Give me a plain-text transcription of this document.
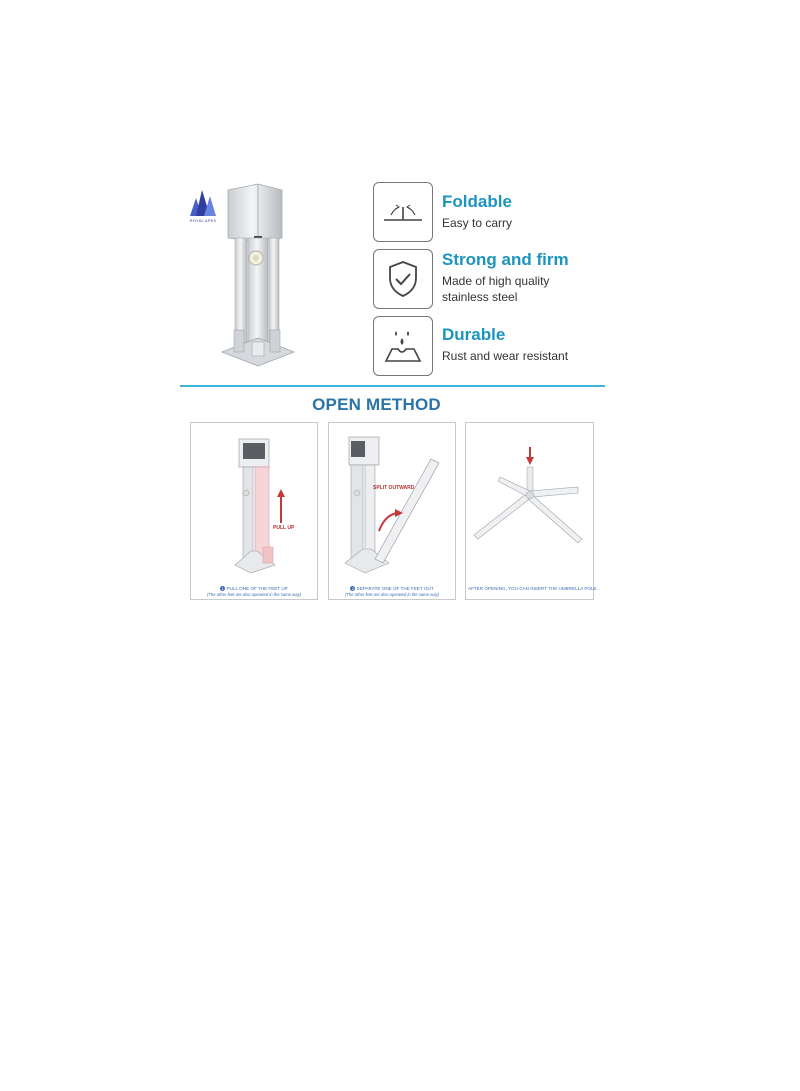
ROYAL APEX
Foldable
Easy to carry
Strong and firm
Made of high quality
stainless steel
Durable
Rust and wear resistant
OPEN METHOD
PULL UP
1 PULL ONE OF THE FEET UP
(The other feet are also operated in the same way)
SPLIT OUTWARD
2 SEPARATE ONE OF THE FEET OUT
(The other feet are also operated in the same way)
AFTER OPENING, YOU CAN INSERT THE UMBRELLA POLE
